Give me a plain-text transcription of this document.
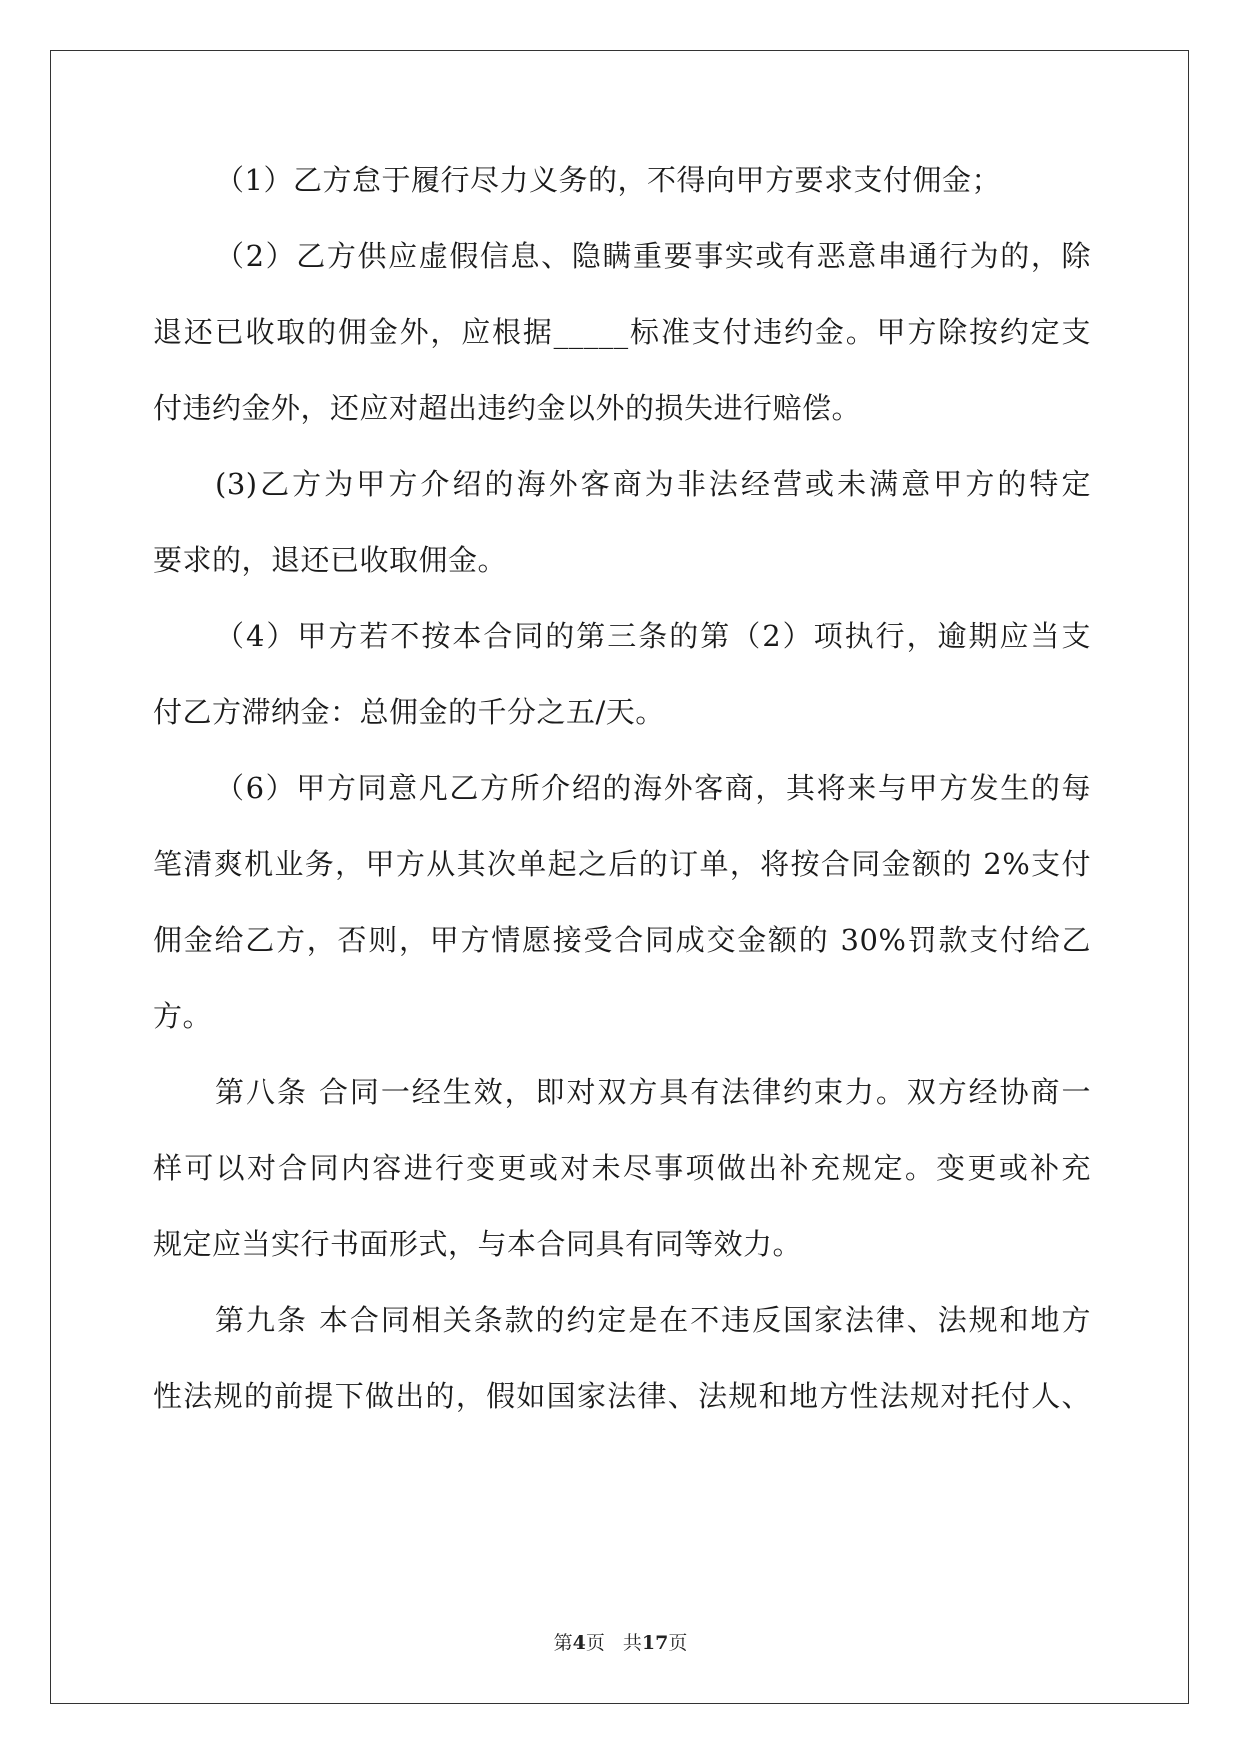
（1）乙方怠于履行尽力义务的，不得向甲方要求支付佣金；
（2）乙方供应虚假信息、隐瞒重要事实或有恶意串通行为的，除
退还已收取的佣金外，应根据_____标准支付违约金。甲方除按约定支
付违约金外，还应对超出违约金以外的损失进行赔偿。
(3)乙方为甲方介绍的海外客商为非法经营或未满意甲方的特定
要求的，退还已收取佣金。
（4）甲方若不按本合同的第三条的第（2）项执行，逾期应当支
付乙方滞纳金：总佣金的千分之五/天。
（6）甲方同意凡乙方所介绍的海外客商，其将来与甲方发生的每
笔清爽机业务，甲方从其次单起之后的订单，将按合同金额的 2%支付
佣金给乙方，否则，甲方情愿接受合同成交金额的 30%罚款支付给乙
方。
第八条 合同一经生效，即对双方具有法律约束力。双方经协商一
样可以对合同内容进行变更或对未尽事项做出补充规定。变更或补充
规定应当实行书面形式，与本合同具有同等效力。
第九条 本合同相关条款的约定是在不违反国家法律、法规和地方
性法规的前提下做出的，假如国家法律、法规和地方性法规对托付人、
第4页 共17页
